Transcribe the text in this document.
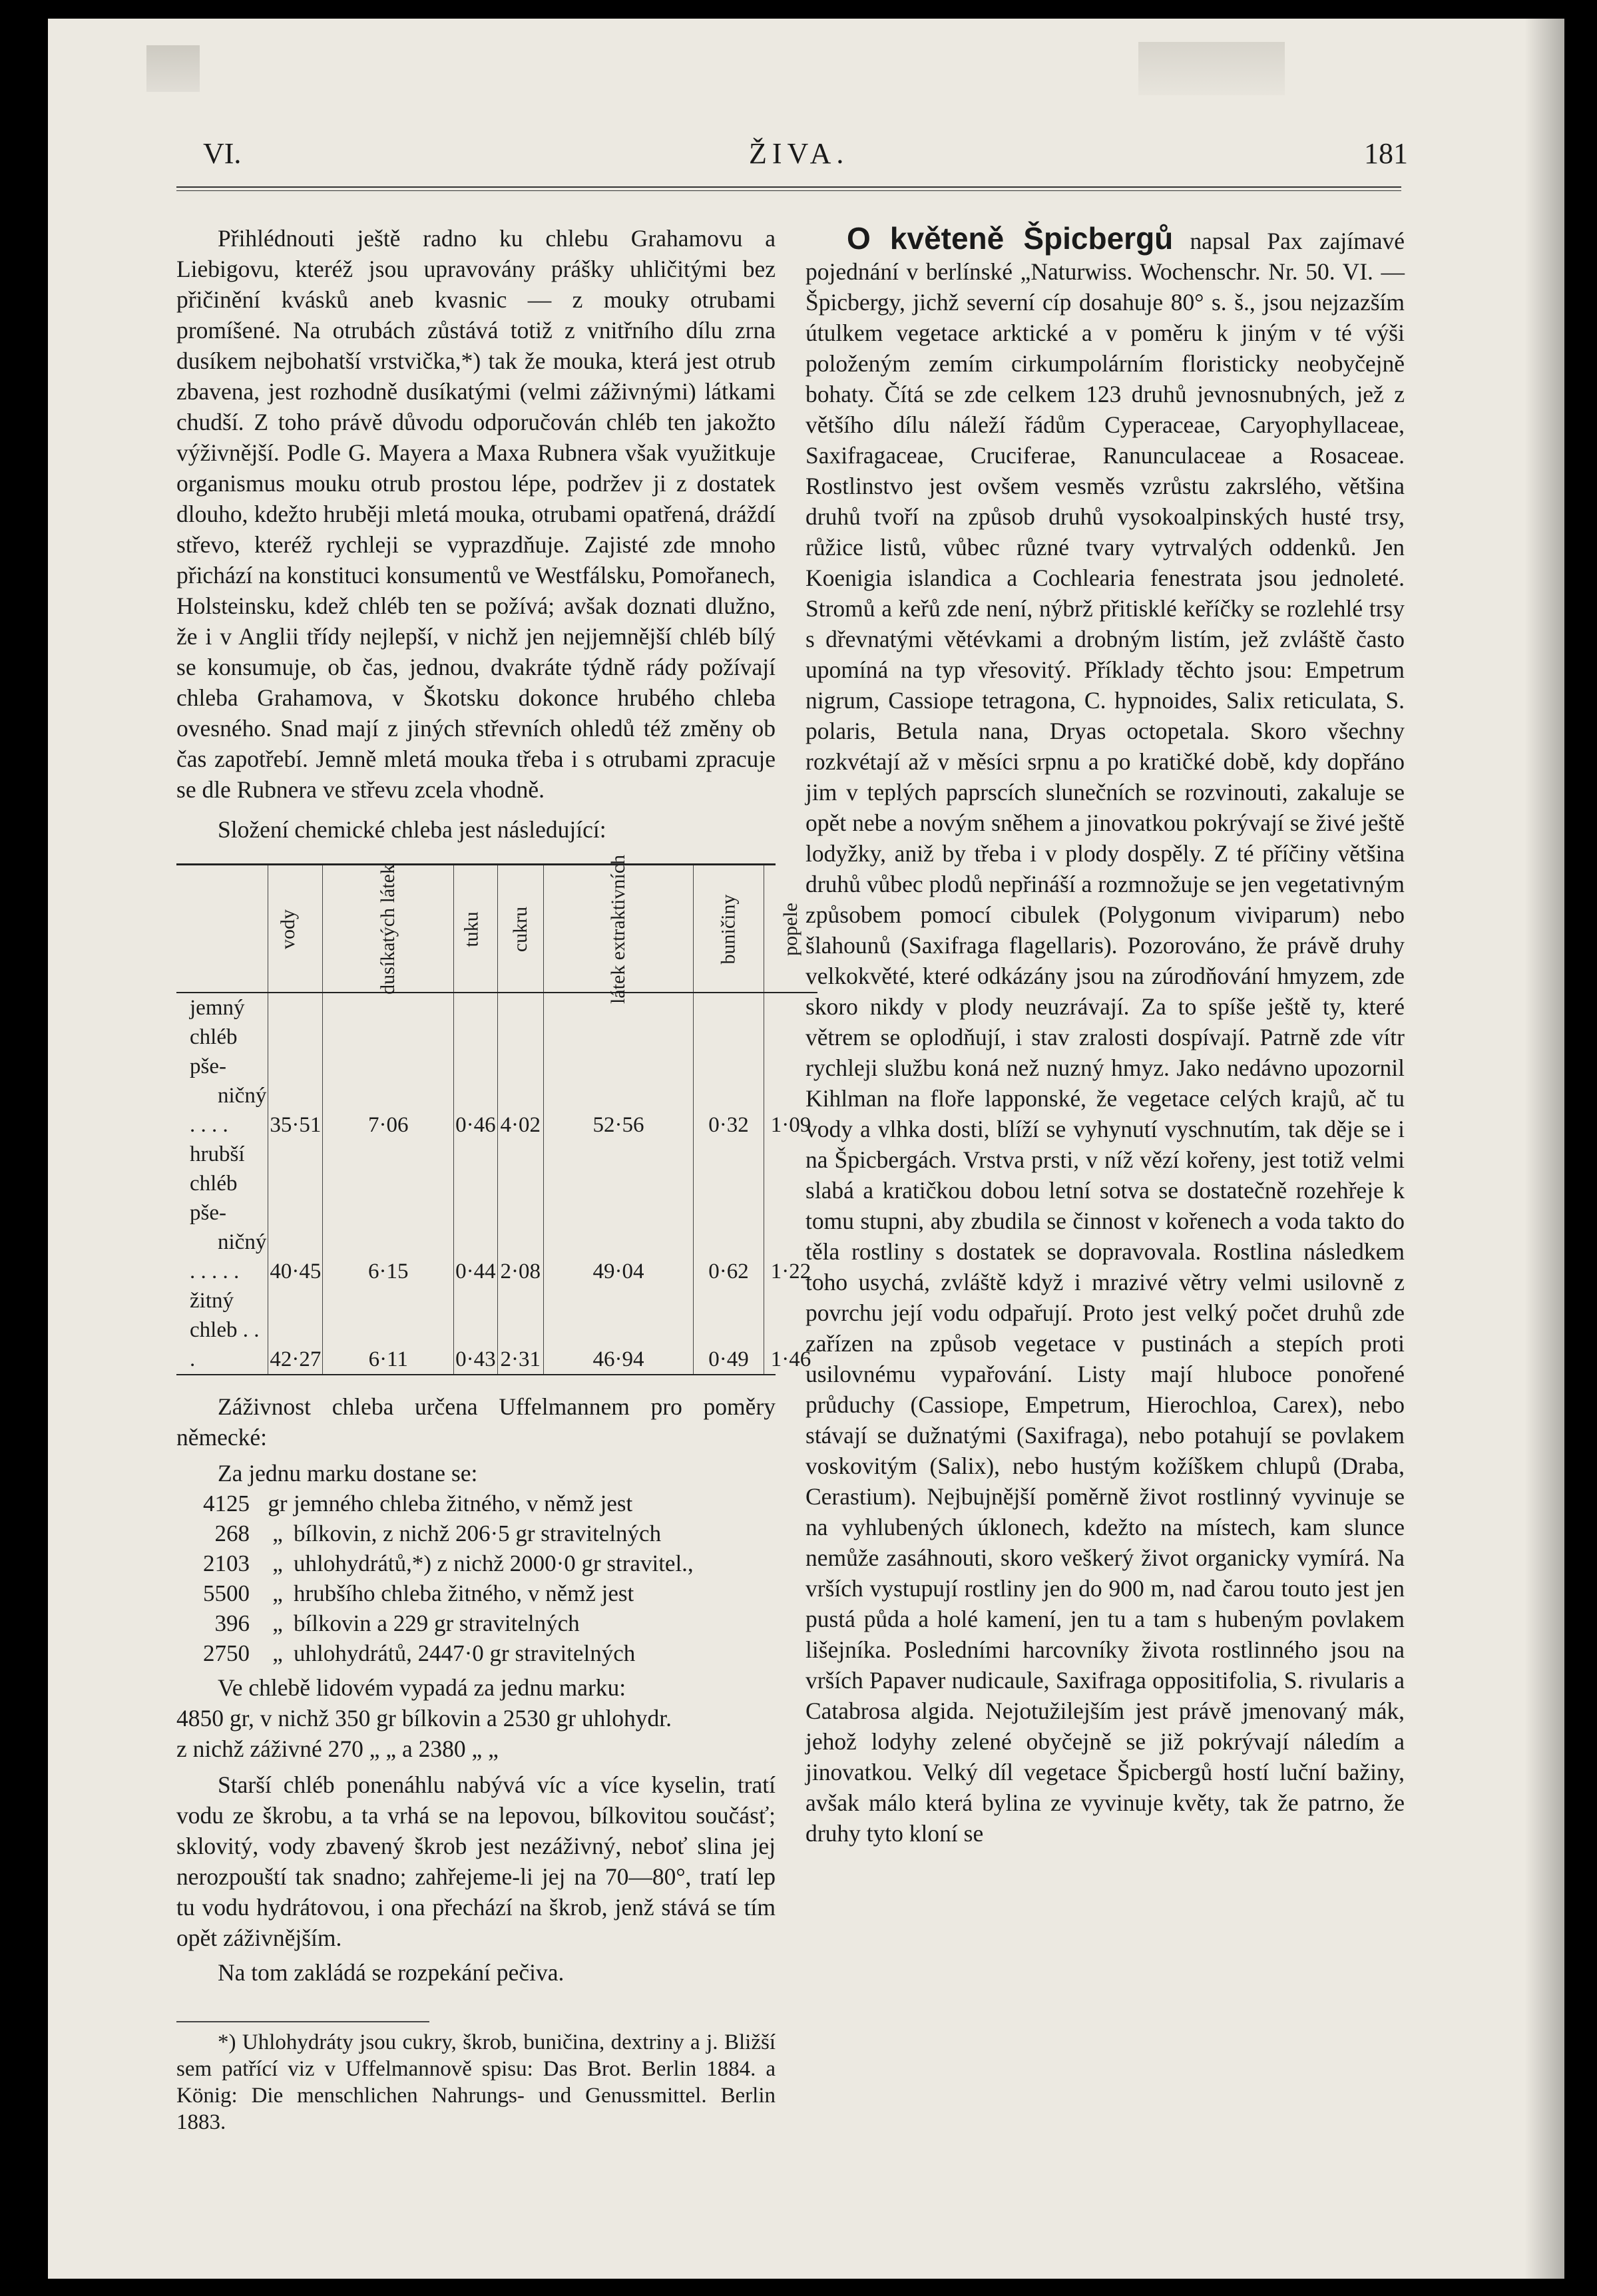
VI.	ŽIVA.	181

Přihlédnouti ještě radno ku chlebu Grahamovu a Liebigovu, kteréž jsou upravovány prášky uhličitými bez přičinění kvásků aneb kvasnic — z mouky otrubami promíšené. Na otrubách zůstává totiž z vnitřního dílu zrna dusíkem nejbohatší vrstvička,*) tak že mouka, která jest otrub zbavena, jest rozhodně dusíkatými (velmi záživnými) látkami chudší. Z toho právě důvodu odporučován chléb ten jakožto výživnější. Podle G. Mayera a Maxa Rubnera však využitkuje organismus mouku otrub prostou lépe, podržev ji z dostatek dlouho, kdežto hruběji mletá mouka, otrubami opatřená, dráždí střevo, kteréž rychleji se vyprazdňuje. Zajisté zde mnoho přichází na konstituci konsumentů ve Westfálsku, Pomořanech, Holsteinsku, kdež chléb ten se požívá; avšak doznati dlužno, že i v Anglii třídy nejlepší, v nichž jen nejjemnější chléb bílý se konsumuje, ob čas, jednou, dvakráte týdně rády požívají chleba Grahamova, v Škotsku dokonce hrubého chleba ovesného. Snad mají z jiných střevních ohledů též změny ob čas zapotřebí. Jemně mletá mouka třeba i s otrubami zpracuje se dle Rubnera ve střevu zcela vhodně.

Složení chemické chleba jest následující:

	vody	dusíkatých látek	tuku	cukru	látek extraktivních	buničiny	popele
jemný chléb pše-
ničný . . . .	35·51	7·06	0·46	4·02	52·56	0·32	1·09
hrubší chléb pše-
ničný . . . . .	40·45	6·15	0·44	2·08	49·04	0·62	1·22
žitný chleb . . .	42·27	6·11	0·43	2·31	46·94	0·49	1·46

Záživnost chleba určena Uffelmannem pro poměry německé:

Za jednu marku dostane se:

4125	gr	jemného chleba žitného, v němž jest
268	„	bílkovin, z nichž 206·5 gr stravitelných
2103	„	uhlohydrátů,*) z nichž 2000·0 gr stravitel.,
5500	„	hrubšího chleba žitného, v němž jest
396	„	bílkovin a 229 gr stravitelných
2750	„	uhlohydrátů, 2447·0 gr stravitelných

Ve chlebě lidovém vypadá za jednu marku:

4850 gr, v nichž 350 gr bílkovin a 2530 gr uhlohydr.

z nichž záživné 270 „ „ a 2380 „ „

Starší chléb ponenáhlu nabývá víc a více kyselin, tratí vodu ze škrobu, a ta vrhá se na lepovou, bílkovitou součásť; sklovitý, vody zbavený škrob jest nezáživný, neboť slina jej nerozpouští tak snadno; zahřejeme-li jej na 70—80°, tratí lep tu vodu hydrátovou, i ona přechází na škrob, jenž stává se tím opět záživnějším.

Na tom zakládá se rozpekání pečiva.

*) Uhlohydráty jsou cukry, škrob, buničina, dextriny a j. Bližší sem patřící viz v Uffelmannově spisu: Das Brot. Berlin 1884. a König: Die menschlichen Nahrungs- und Genussmittel. Berlin 1883.

O květeně Špicbergů napsal Pax zajímavé pojednání v berlínské „Naturwiss. Wochenschr. Nr. 50. VI. — Špicbergy, jichž severní cíp dosahuje 80° s. š., jsou nejzazším útulkem vegetace arktické a v poměru k jiným v té výši položeným zemím cirkumpolárním floristicky neobyčejně bohaty. Čítá se zde celkem 123 druhů jevnosnubných, jež z většího dílu náleží řádům Cyperaceae, Caryophyllaceae, Saxifragaceae, Cruciferae, Ranunculaceae a Rosaceae. Rostlinstvo jest ovšem vesměs vzrůstu zakrslého, většina druhů tvoří na způsob druhů vysokoalpinských husté trsy, růžice listů, vůbec různé tvary vytrvalých oddenků. Jen Koenigia islandica a Cochlearia fenestrata jsou jednoleté. Stromů a keřů zde není, nýbrž přitisklé keříčky se rozlehlé trsy s dřevnatými větévkami a drobným listím, jež zvláště často upomíná na typ vřesovitý. Příklady těchto jsou: Empetrum nigrum, Cassiope tetragona, C. hypnoides, Salix reticulata, S. polaris, Betula nana, Dryas octopetala. Skoro všechny rozkvétají až v měsíci srpnu a po kratičké době, kdy dopřáno jim v teplých paprscích slunečních se rozvinouti, zakaluje se opět nebe a novým sněhem a jinovatkou pokrývají se živé ještě lodyžky, aniž by třeba i v plody dospěly. Z té příčiny většina druhů vůbec plodů nepřináší a rozmnožuje se jen vegetativným způsobem pomocí cibulek (Polygonum viviparum) nebo šlahounů (Saxifraga flagellaris). Pozorováno, že právě druhy velkokvěté, které odkázány jsou na zúrodňování hmyzem, zde skoro nikdy v plody neuzrávají. Za to spíše ještě ty, které větrem se oplodňují, i stav zralosti dospívají. Patrně zde vítr rychleji službu koná než nuzný hmyz. Jako nedávno upozornil Kihlman na floře lapponské, že vegetace celých krajů, ač tu vody a vlhka dosti, blíží se vyhynutí vyschnutím, tak děje se i na Špicbergách. Vrstva prsti, v níž vězí kořeny, jest totiž velmi slabá a kratičkou dobou letní sotva se dostatečně rozehřeje k tomu stupni, aby zbudila se činnost v kořenech a voda takto do těla rostliny s dostatek se dopravovala. Rostlina následkem toho usychá, zvláště když i mrazivé větry velmi usilovně z povrchu její vodu odpařují. Proto jest velký počet druhů zde zařízen na způsob vegetace v pustinách a stepích proti usilovnému vypařování. Listy mají hluboce ponořené průduchy (Cassiope, Empetrum, Hierochloa, Carex), nebo stávají se dužnatými (Saxifraga), nebo potahují se povlakem voskovitým (Salix), nebo hustým kožíškem chlupů (Draba, Cerastium). Nejbujnější poměrně život rostlinný vyvinuje se na vyhlubených úklonech, kdežto na místech, kam slunce nemůže zasáhnouti, skoro veškerý život organicky vymírá. Na vrších vystupují rostliny jen do 900 m, nad čarou touto jest jen pustá půda a holé kamení, jen tu a tam s hubeným povlakem lišejníka. Posledními harcovníky života rostlinného jsou na vrších Papaver nudicaule, Saxifraga oppositifolia, S. rivularis a Catabrosa algida. Nejotužilejším jest právě jmenovaný mák, jehož lodyhy zelené obyčejně se již pokrývají náledím a jinovatkou. Velký díl vegetace Špicbergů hostí luční bažiny, avšak málo která bylina ze vyvinuje květy, tak že patrno, že druhy tyto kloní se
